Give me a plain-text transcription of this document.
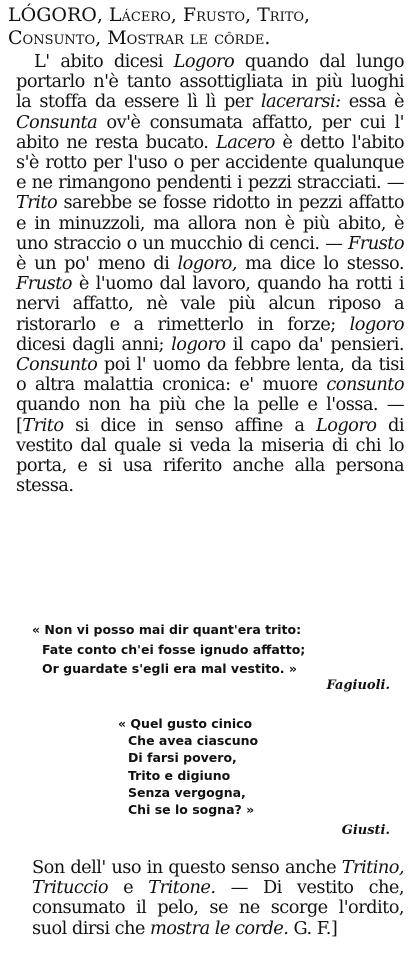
LÓGORO, Lácero, Frusto, Trito, Consunto, Mostrar le côrde.
L' abito dicesi Logoro quando dal lungo portarlo n'è tanto assottigliata in più luoghi la stoffa da essere lì lì per lacerarsi: essa è Consunta ov'è consumata affatto, per cui l' abito ne resta bucato. Lacero è detto l'abito s'è rotto per l'uso o per accidente qualunque e ne rimangono pendenti i pezzi stracciati. — Trito sarebbe se fosse ridotto in pezzi affatto e in minuzzoli, ma allora non è più abito, è uno straccio o un mucchio di cenci. — Frusto è un po' meno di logoro, ma dice lo stesso. Frusto è l'uomo dal lavoro, quando ha rotti i nervi affatto, nè vale più alcun riposo a ristorarlo e a rimetterlo in forze; logoro dicesi dagli anni; logoro il capo da' pensieri. Consunto poi l' uomo da febbre lenta, da tisi o altra malattia cronica: e' muore consunto quando non ha più che la pelle e l'ossa. —[Trito si dice in senso affine a Logoro di vestito dal quale si veda la miseria di chi lo porta, e si usa riferito anche alla persona stessa.
« Non vi posso mai dir quant'era trito:
Fate conto ch'ei fosse ignudo affatto;
Or guardate s'egli era mal vestito. »
Fagiuoli.
« Quel gusto cinico
Che avea ciascuno
Di farsi povero,
Trito e digiuno
Senza vergogna,
Chi se lo sogna? »
Giusti.
Son dell' uso in questo senso anche Tritino, Trituccio e Tritone. — Di vestito che, consumato il pelo, se ne scorge l'ordito, suol dirsi che mostra le corde. G. F.]
